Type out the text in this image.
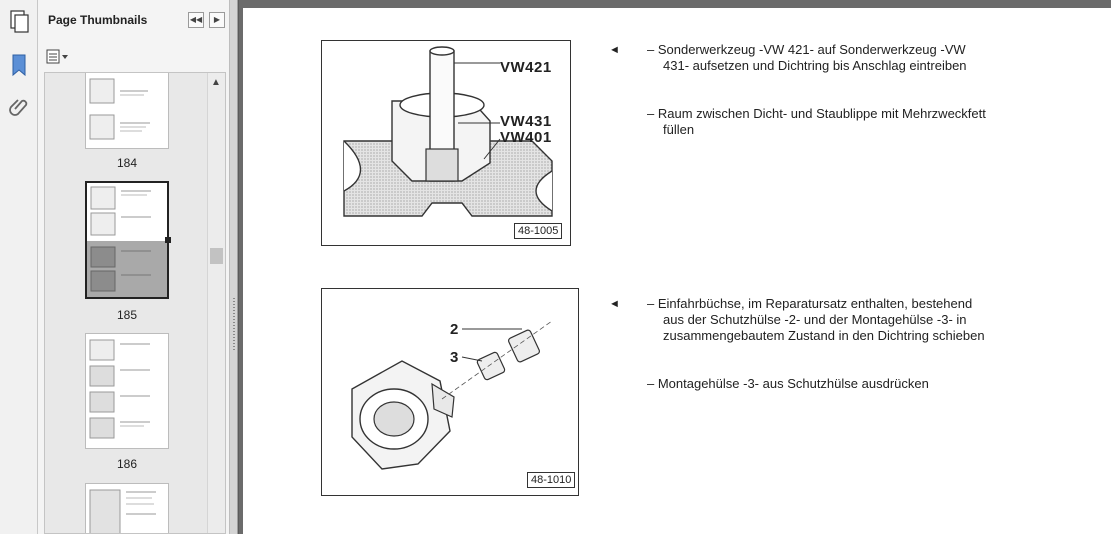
Page Thumbnails	◀◀	▶
184
185
186
▲
VW421
VW431
VW401
48-1005
2
3
48-1010
◄ – Sonderwerkzeug -VW 421- auf Sonderwerkzeug -VW 431- aufsetzen und Dichtring bis Anschlag eintreiben
– Raum zwischen Dicht- und Staublippe mit Mehrzweckfett füllen
◄ – Einfahrbüchse, im Reparatursatz enthalten, bestehend aus der Schutzhülse -2- und der Montagehülse -3- in zusammengebautem Zustand in den Dichtring schieben
– Montagehülse -3- aus Schutzhülse ausdrücken
